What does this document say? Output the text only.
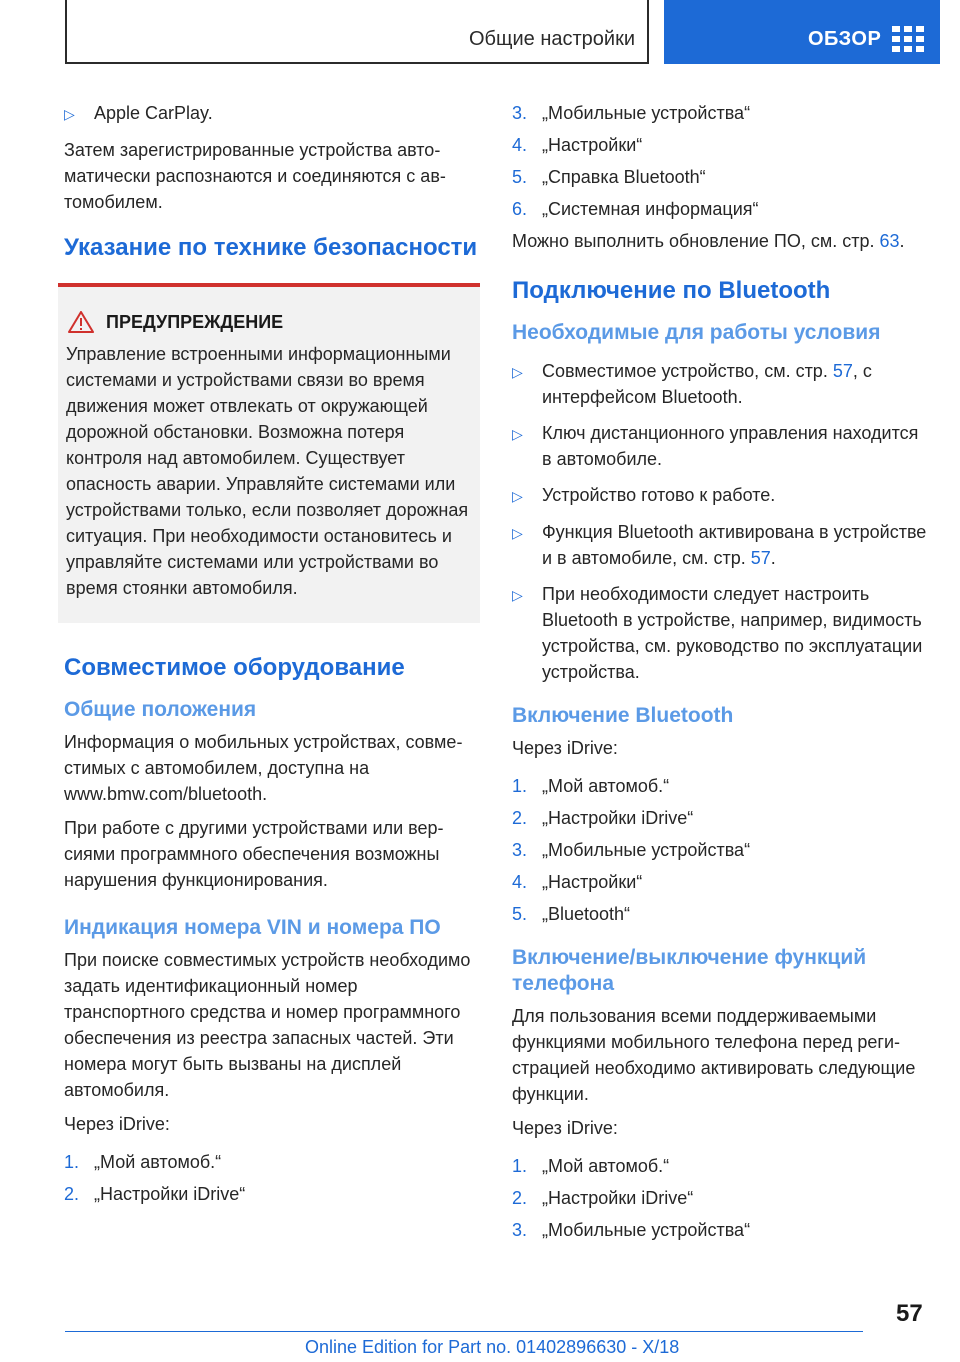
Общие настройки	ОБЗОР
▷	Apple CarPlay.

Затем зарегистрированные устройства автоматически распознаются и соединяются с автомобилем.

Указание по технике безопасности
ПРЕДУПРЕЖДЕНИЕ

Управление встроенными информационными системами и устройствами связи во время движения может отвлекать от окружающей дорожной обстановки. Возможна потеря контроля над автомобилем. Существует опасность аварии. Управляйте системами или устройствами только, если позволяет дорожная ситуация. При необходимости остановитесь и управляйте системами или устройствами во время стоянки автомобиля.

Совместимое оборудование
Общие положения

Информация о мобильных устройствах, совместимых с автомобилем, доступна на www.bmw.com/bluetooth.

При работе с другими устройствами или версиями программного обеспечения возможны нарушения функционирования.

Индикация номера VIN и номера ПО

При поиске совместимых устройств необходимо задать идентификационный номер транспортного средства и номер программного обеспечения из реестра запасных частей. Эти номера могут быть вызваны на дисплей автомобиля.

Через iDrive:

1. „Мой автомоб.“
2. „Настройки iDrive“
3. „Мобильные устройства“
4. „Настройки“
5. „Справка Bluetooth“
6. „Системная информация“

Можно выполнить обновление ПО, см. стр. 63.

Подключение по Bluetooth
Необходимые для работы условия
▷	Совместимое устройство, см. стр. 57, с интерфейсом Bluetooth.
▷	Ключ дистанционного управления находится в автомобиле.
▷	Устройство готово к работе.
▷	Функция Bluetooth активирована в устройстве и в автомобиле, см. стр. 57.
▷	При необходимости следует настроить Bluetooth в устройстве, например, видимость устройства, см. руководство по эксплуатации устройства.
Включение Bluetooth

Через iDrive:

1. „Мой автомоб.“
2. „Настройки iDrive“
3. „Мобильные устройства“
4. „Настройки“
5. „Bluetooth“
Включение/выключение функций телефона

Для пользования всеми поддерживаемыми функциями мобильного телефона перед регистрацией необходимо активировать следующие функции.

Через iDrive:

1. „Мой автомоб.“
2. „Настройки iDrive“
3. „Мобильные устройства“
57
Online Edition for Part no. 01402896630 - X/18
